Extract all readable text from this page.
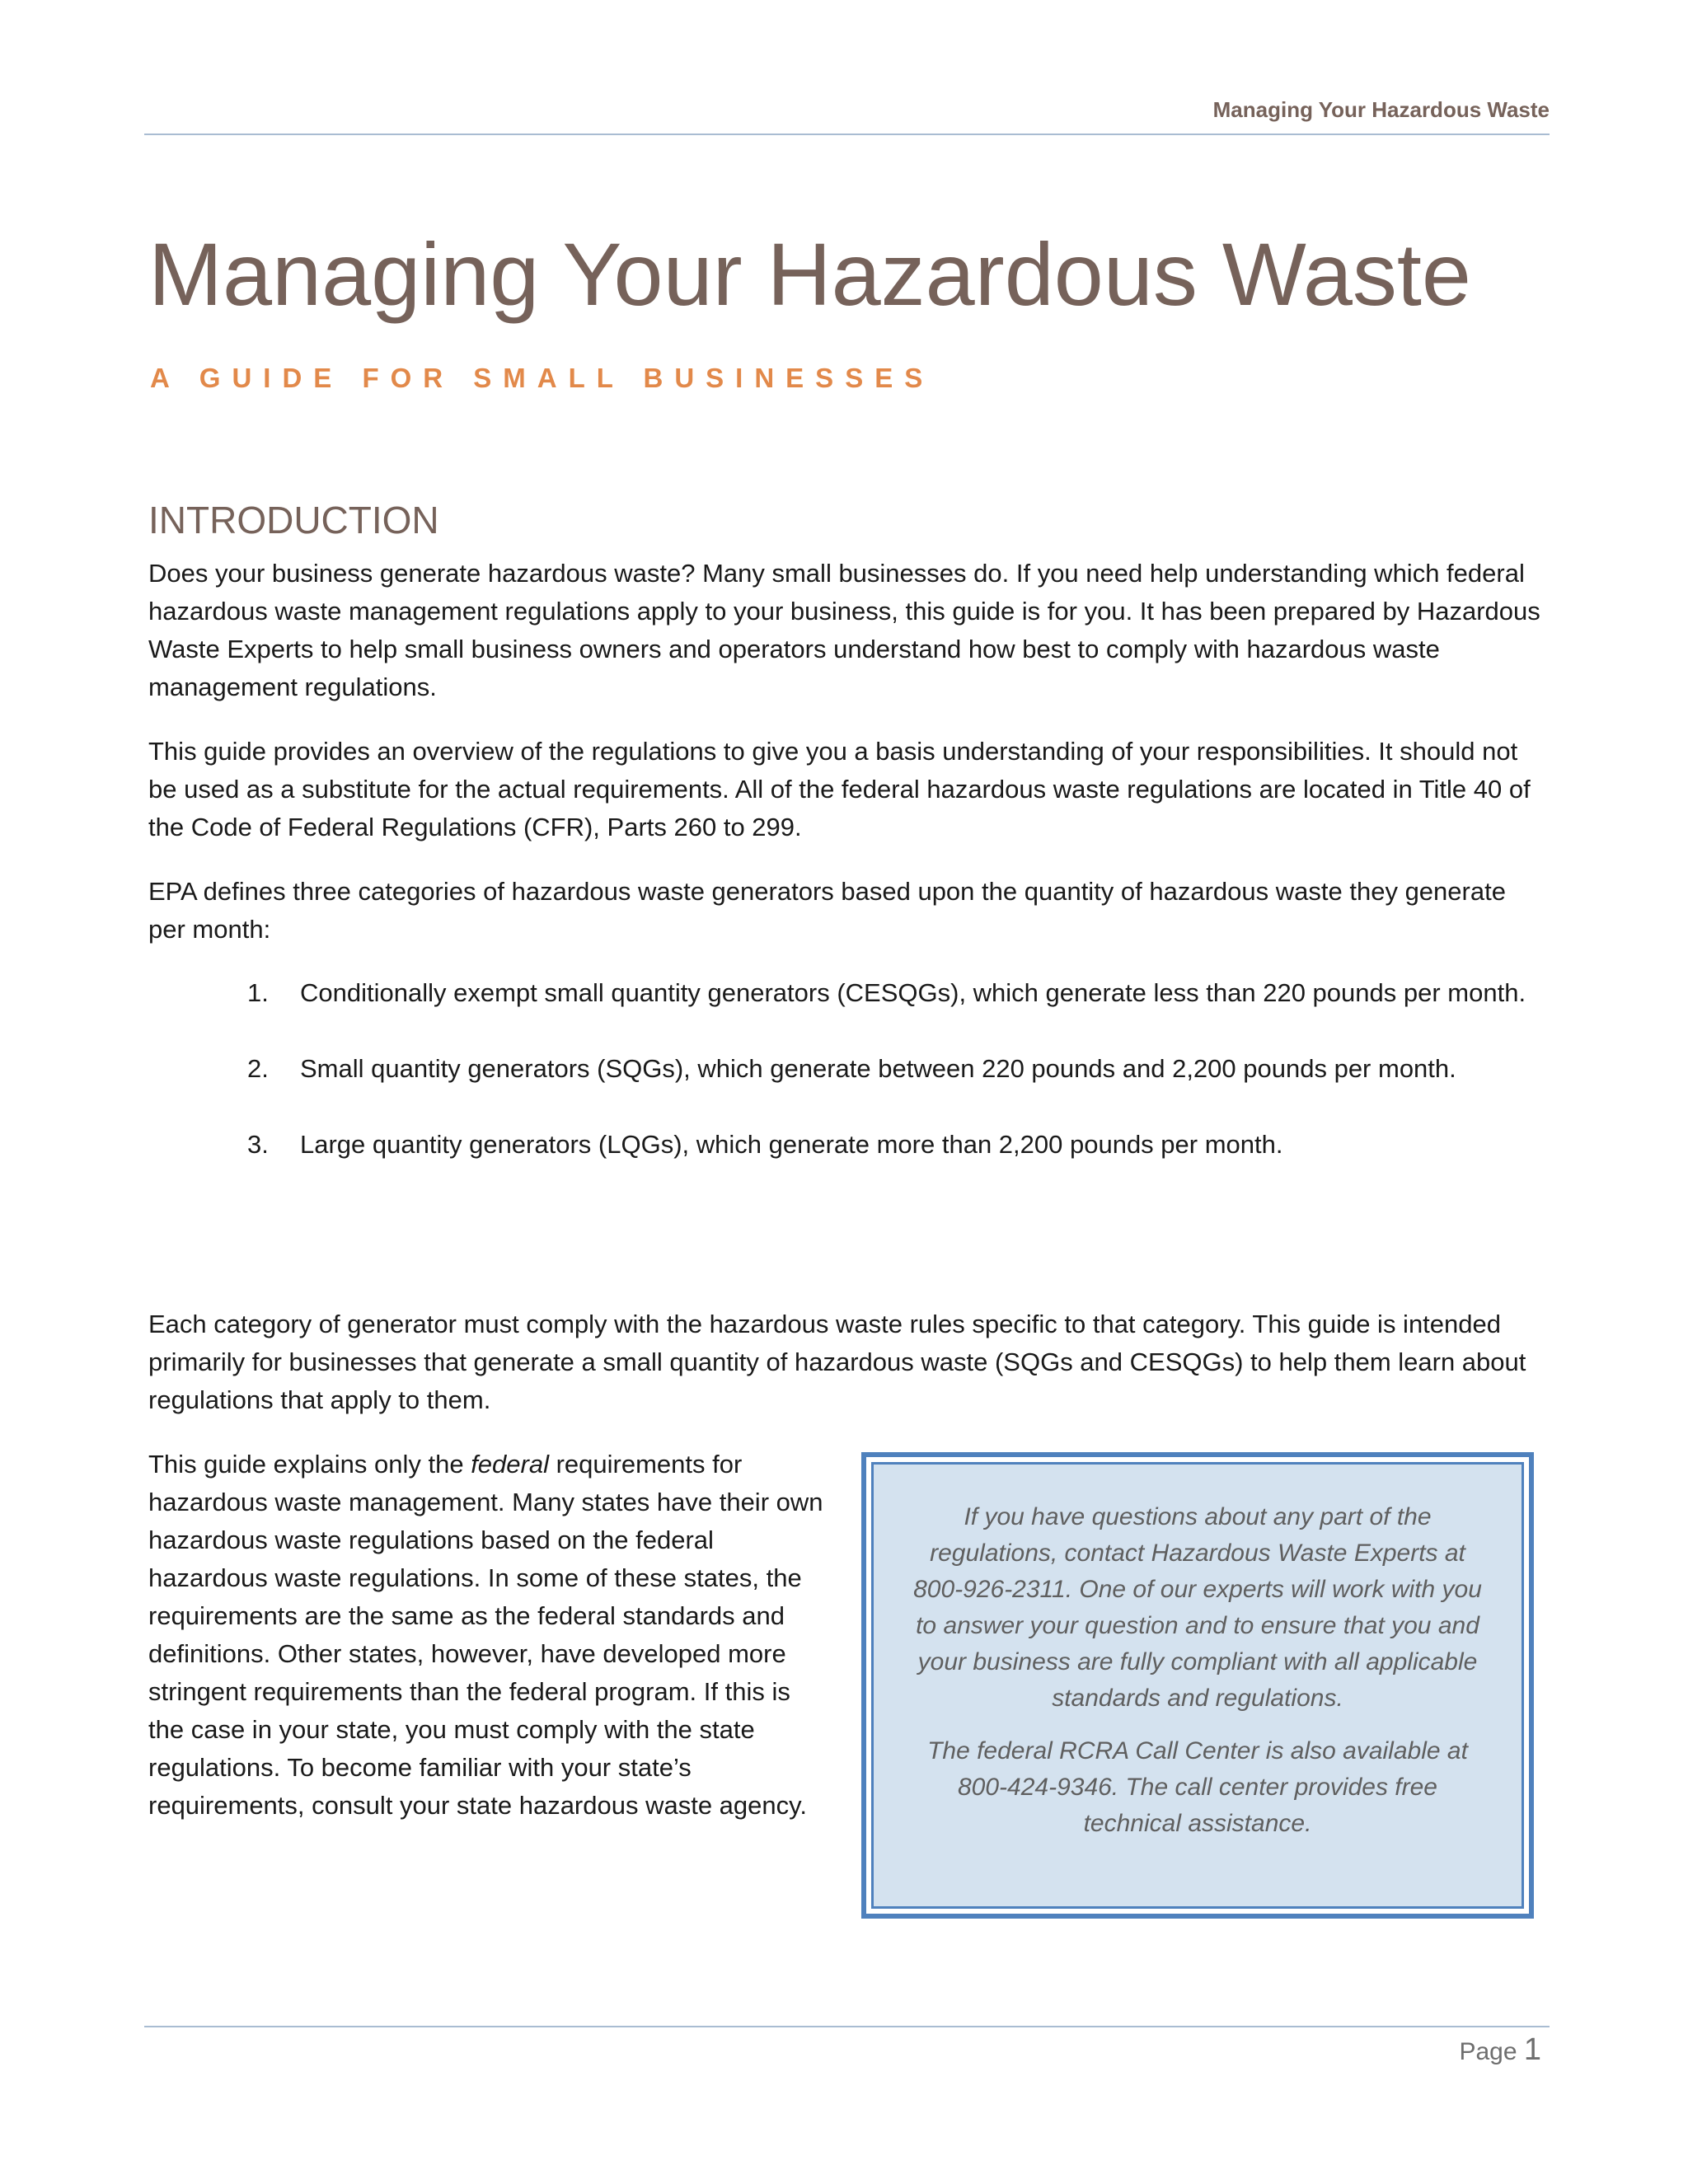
Managing Your Hazardous Waste
Managing Your Hazardous Waste
A GUIDE FOR SMALL BUSINESSES
INTRODUCTION

Does your business generate hazardous waste? Many small businesses do. If you need help understanding which federal hazardous waste management regulations apply to your business, this guide is for you. It has been prepared by Hazardous Waste Experts to help small business owners and operators understand how best to comply with hazardous waste management regulations.

This guide provides an overview of the regulations to give you a basis understanding of your responsibilities. It should not be used as a substitute for the actual requirements. All of the federal hazardous waste regulations are located in Title 40 of the Code of Federal Regulations (CFR), Parts 260 to 299.

EPA defines three categories of hazardous waste generators based upon the quantity of hazardous waste they generate per month:

1. Conditionally exempt small quantity generators (CESQGs), which generate less than 220 pounds per month.
2. Small quantity generators (SQGs), which generate between 220 pounds and 2,200 pounds per month.
3. Large quantity generators (LQGs), which generate more than 2,200 pounds per month.

Each category of generator must comply with the hazardous waste rules specific to that category. This guide is intended primarily for businesses that generate a small quantity of hazardous waste (SQGs and CESQGs) to help them learn about regulations that apply to them.

This guide explains only the federal requirements for hazardous waste management. Many states have their own hazardous waste regulations based on the federal hazardous waste regulations. In some of these states, the requirements are the same as the federal standards and definitions. Other states, however, have developed more stringent requirements than the federal program. If this is the case in your state, you must comply with the state regulations. To become familiar with your state’s requirements, consult your state hazardous waste agency.

If you have questions about any part of the regulations, contact Hazardous Waste Experts at 800-926-2311. One of our experts will work with you to answer your question and to ensure that you and your business are fully compliant with all applicable standards and regulations.

The federal RCRA Call Center is also available at 800-424-9346. The call center provides free technical assistance.

Page 1
